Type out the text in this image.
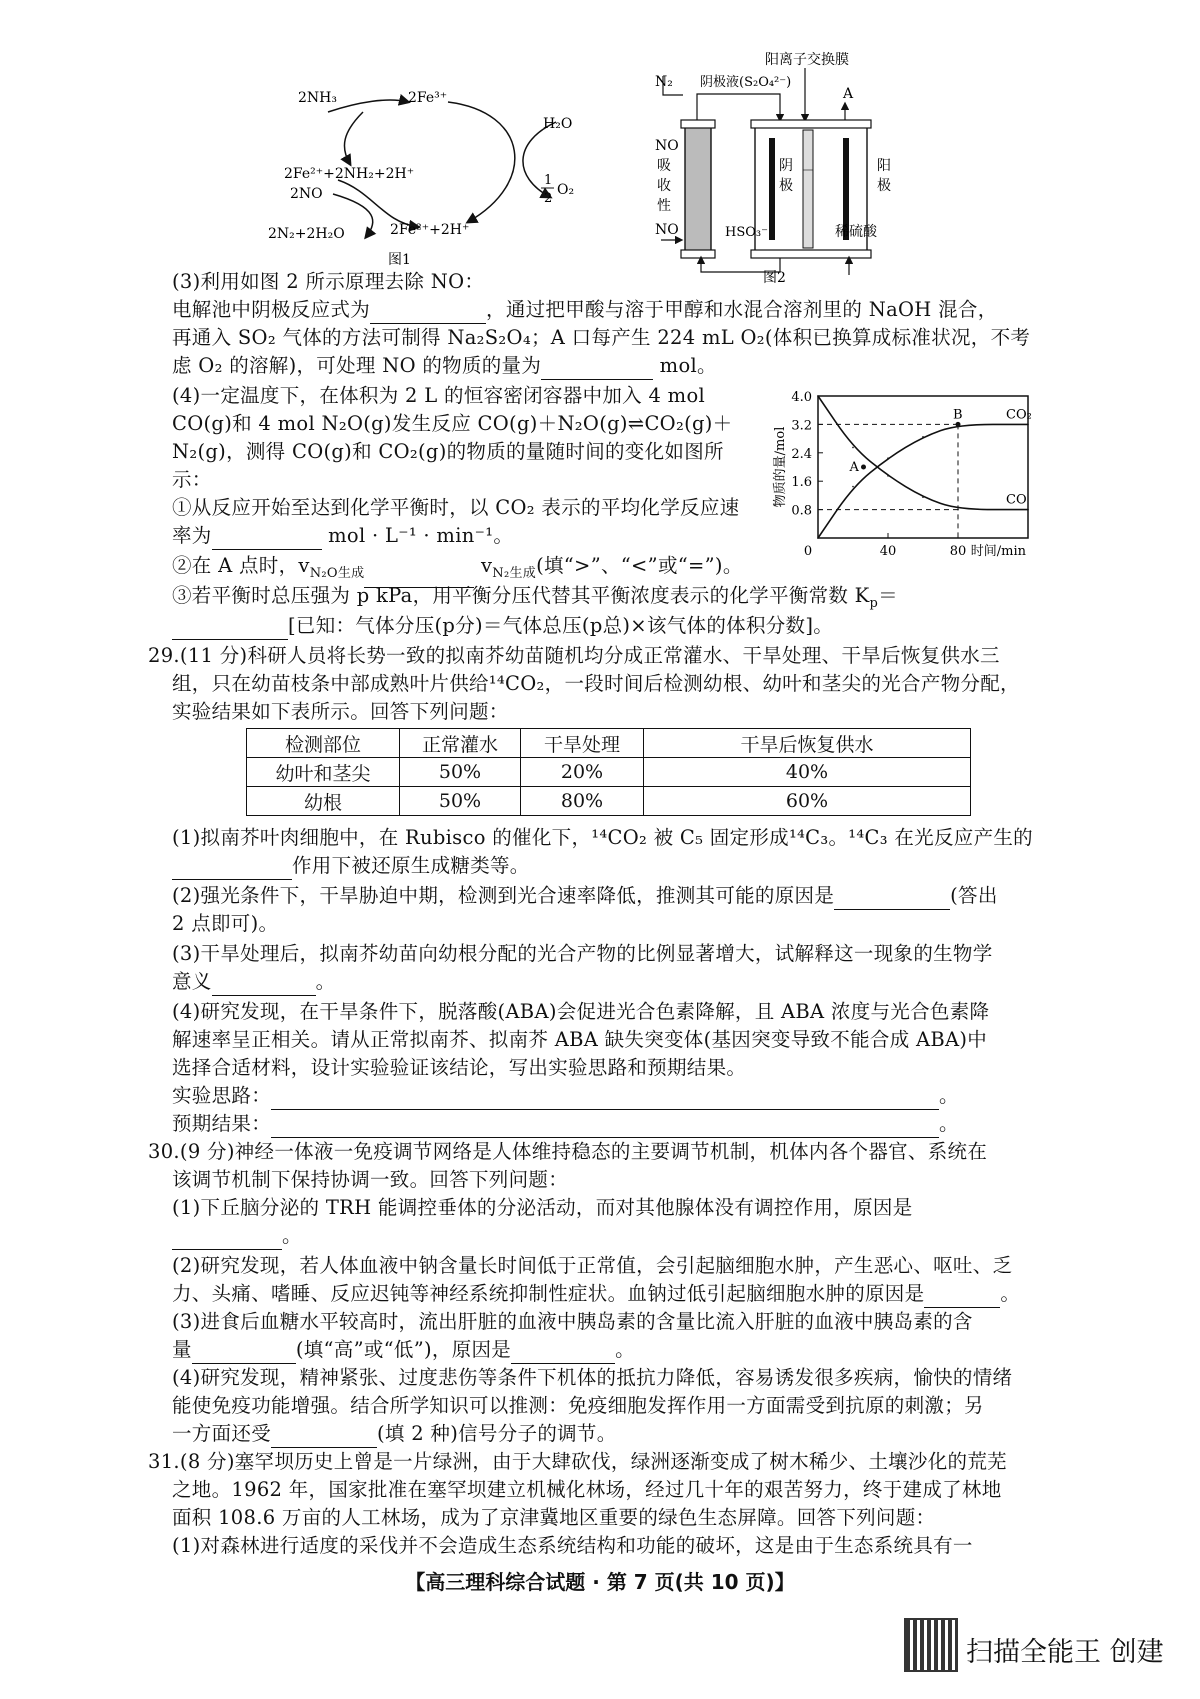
2NH₃	2Fe³⁺
H₂O
2Fe²⁺+2NH₂+2H⁺
2NO
1
2
O₂
2N₂+2H₂O	2Fe²⁺+2H⁺
图1
阳离子交换膜
N₂ 阴极液(S₂O₄²⁻)
A
NO
吸
收
性
阴
极
阳
极
NO	HSO₃⁻	稀硫酸
图2
(3)利用如图 2 所示原理去除 NO：
电解池中阴极反应式为	，通过把甲酸与溶于甲醇和水混合溶剂里的 NaOH 混合，
再通入 SO₂ 气体的方法可制得 Na₂S₂O₄；A 口每产生 224 mL O₂(体积已换算成标准状况，不考
虑 O₂ 的溶解)，可处理 NO 的物质的量为	mol。
(4)一定温度下，在体积为 2 L 的恒容密闭容器中加入 4 mol
CO(g)和 4 mol N₂O(g)发生反应 CO(g)＋N₂O(g)⇌CO₂(g)＋
N₂(g)，测得 CO(g)和 CO₂(g)的物质的量随时间的变化如图所
示：
①从反应开始至达到化学平衡时，以 CO₂ 表示的平均化学反应速
率为	mol · L⁻¹ · min⁻¹。
②在 A 点时，$v_{N_2O生成}$	$v_{N_2生成}$(填“>”、“<”或“=”)。
③若平衡时总压强为 p kPa，用平衡分压代替其平衡浓度表示的化学平衡常数 $K_p=$
[已知：气体分压(p分)＝气体总压(p总)×该气体的体积分数]。
4.0
3.2
2.4
1.6
0.8
40	80
0	时间/min
物质的量/mol
CO₂
CO
A
B
29.(11 分)科研人员将长势一致的拟南芥幼苗随机均分成正常灌水、干旱处理、干旱后恢复供水三
组，只在幼苗枝条中部成熟叶片供给¹⁴CO₂，一段时间后检测幼根、幼叶和茎尖的光合产物分配，
实验结果如下表所示。回答下列问题：
检测部位	正常灌水	干旱处理	干旱后恢复供水
幼叶和茎尖	50%	20%	40%
幼根	50%	80%	60%
(1)拟南芥叶肉细胞中，在 Rubisco 的催化下，¹⁴CO₂ 被 C₅ 固定形成¹⁴C₃。¹⁴C₃ 在光反应产生的
作用下被还原生成糖类等。
(2)强光条件下，干旱胁迫中期，检测到光合速率降低，推测其可能的原因是	(答出
2 点即可)。
(3)干旱处理后，拟南芥幼苗向幼根分配的光合产物的比例显著增大，试解释这一现象的生物学
意义	。
(4)研究发现，在干旱条件下，脱落酸(ABA)会促进光合色素降解，且 ABA 浓度与光合色素降
解速率呈正相关。请从正常拟南芥、拟南芥 ABA 缺失突变体(基因突变导致不能合成 ABA)中
选择合适材料，设计实验验证该结论，写出实验思路和预期结果。
实验思路：	。
预期结果：	。
30.(9 分)神经一体液一免疫调节网络是人体维持稳态的主要调节机制，机体内各个器官、系统在
该调节机制下保持协调一致。回答下列问题：
(1)下丘脑分泌的 TRH 能调控垂体的分泌活动，而对其他腺体没有调控作用，原因是
。
(2)研究发现，若人体血液中钠含量长时间低于正常值，会引起脑细胞水肿，产生恶心、呕吐、乏
力、头痛、嗜睡、反应迟钝等神经系统抑制性症状。血钠过低引起脑细胞水肿的原因是	。
(3)进食后血糖水平较高时，流出肝脏的血液中胰岛素的含量比流入肝脏的血液中胰岛素的含
量	(填“高”或“低”)，原因是	。
(4)研究发现，精神紧张、过度悲伤等条件下机体的抵抗力降低，容易诱发很多疾病，愉快的情绪
能使免疫功能增强。结合所学知识可以推测：免疫细胞发挥作用一方面需受到抗原的刺激；另
一方面还受	(填 2 种)信号分子的调节。
31.(8 分)塞罕坝历史上曾是一片绿洲，由于大肆砍伐，绿洲逐渐变成了树木稀少、土壤沙化的荒芜
之地。1962 年，国家批准在塞罕坝建立机械化林场，经过几十年的艰苦努力，终于建成了林地
面积 108.6 万亩的人工林场，成为了京津冀地区重要的绿色生态屏障。回答下列问题：
(1)对森林进行适度的采伐并不会造成生态系统结构和功能的破坏，这是由于生态系统具有一
【高三理科综合试题 · 第 7 页(共 10 页)】
扫描全能王 创建
